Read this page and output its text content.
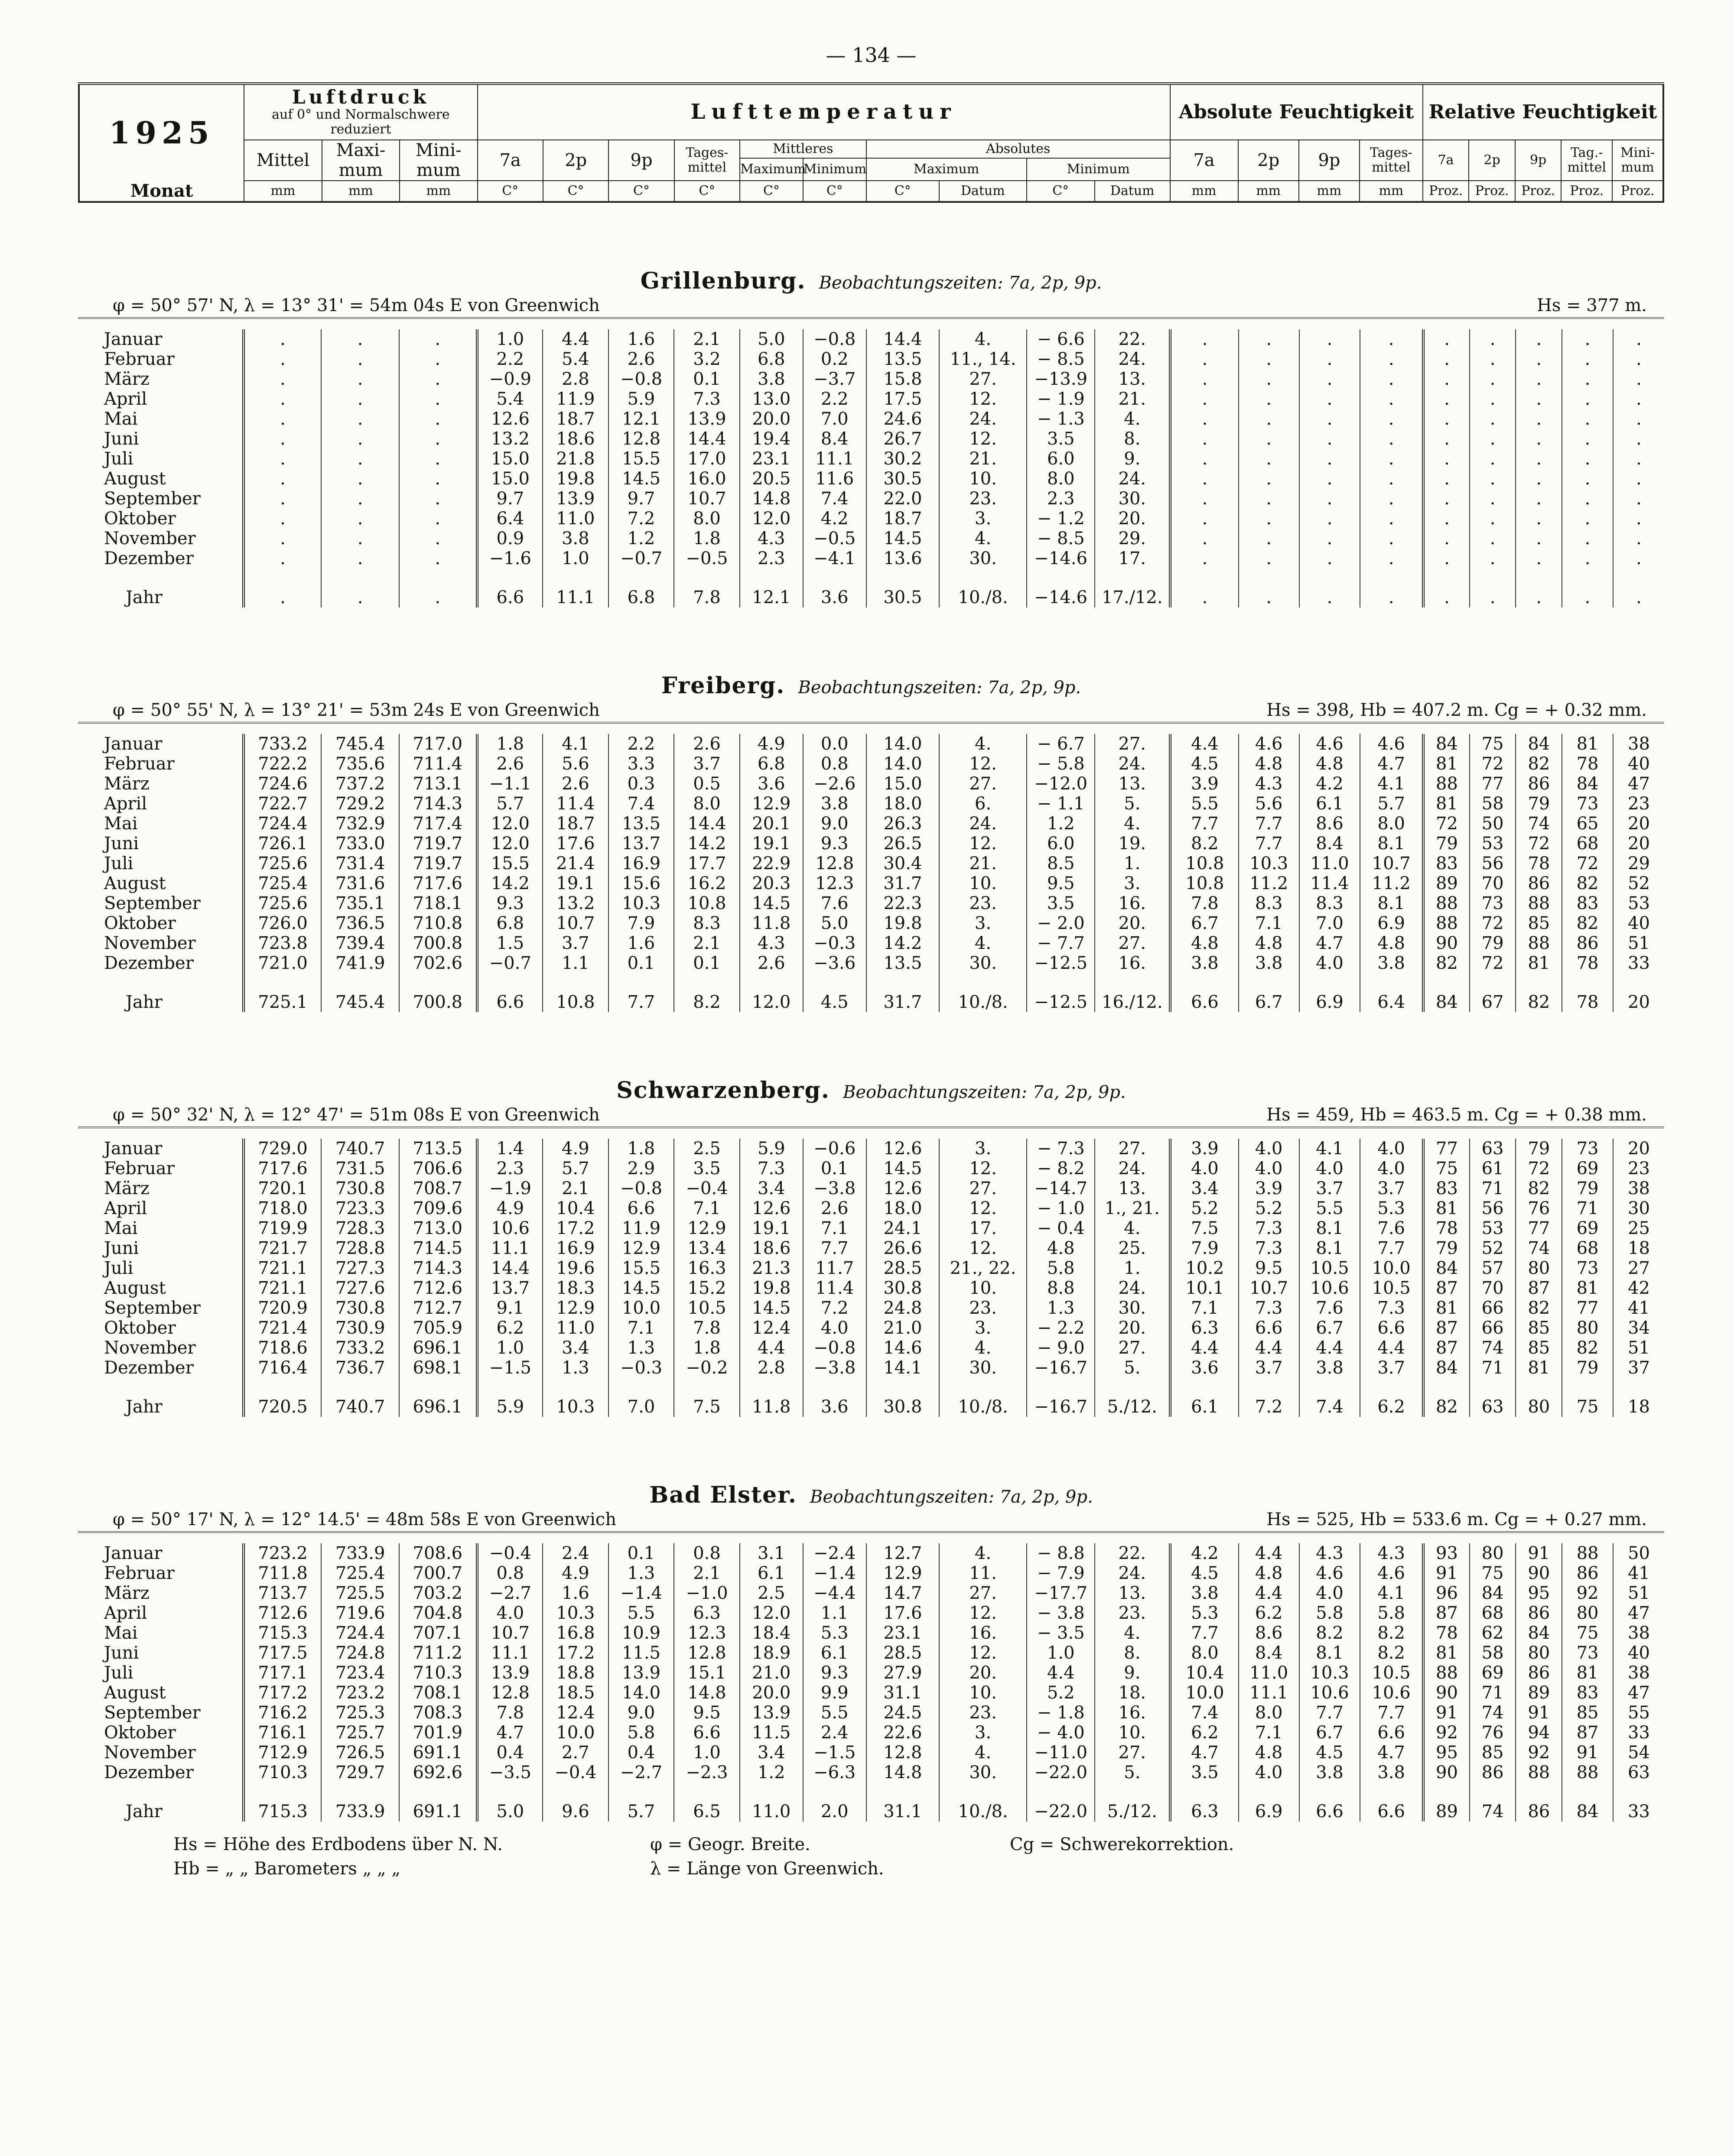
— 134 —
1925	Luftdruck
auf 0° und Normalschwere reduziert			Lufttemperatur										Absolute Feuchtigkeit				Relative Feuchtigkeit				
	Mittel	Maxi-mum	Mini-mum	7a	2p	9p	Tages-mittel	Mittleres		Absolutes				7a	2p	9p	Tages-mittel	7a	2p	9p	Tag.-mittel	Mini-mum
								Maximum	Minimum	Maximum		Minimum										
Monat	mm	mm	mm	C°	C°	C°	C°	C°	C°	C°	Datum	C°	Datum	mm	mm	mm	mm	Proz.	Proz.	Proz.	Proz.	Proz.
Grillenburg. Beobachtungszeiten: 7a, 2p, 9p.
φ = 50° 57' N, λ = 13° 31' = 54m 04s E von Greenwich	Hs = 377 m.

Januar	.	.	.	1.0	4.4	1.6	2.1	5.0	−0.8	14.4	4.	− 6.6	22.	.	.	.	.	.	.	.	.	.
Februar	.	.	.	2.2	5.4	2.6	3.2	6.8	0.2	13.5	11., 14.	− 8.5	24.	.	.	.	.	.	.	.	.	.
März	.	.	.	−0.9	2.8	−0.8	0.1	3.8	−3.7	15.8	27.	−13.9	13.	.	.	.	.	.	.	.	.	.
April	.	.	.	5.4	11.9	5.9	7.3	13.0	2.2	17.5	12.	− 1.9	21.	.	.	.	.	.	.	.	.	.
Mai	.	.	.	12.6	18.7	12.1	13.9	20.0	7.0	24.6	24.	− 1.3	4.	.	.	.	.	.	.	.	.	.
Juni	.	.	.	13.2	18.6	12.8	14.4	19.4	8.4	26.7	12.	3.5	8.	.	.	.	.	.	.	.	.	.
Juli	.	.	.	15.0	21.8	15.5	17.0	23.1	11.1	30.2	21.	6.0	9.	.	.	.	.	.	.	.	.	.
August	.	.	.	15.0	19.8	14.5	16.0	20.5	11.6	30.5	10.	8.0	24.	.	.	.	.	.	.	.	.	.
September	.	.	.	9.7	13.9	9.7	10.7	14.8	7.4	22.0	23.	2.3	30.	.	.	.	.	.	.	.	.	.
Oktober	.	.	.	6.4	11.0	7.2	8.0	12.0	4.2	18.7	3.	− 1.2	20.	.	.	.	.	.	.	.	.	.
November	.	.	.	0.9	3.8	1.2	1.8	4.3	−0.5	14.5	4.	− 8.5	29.	.	.	.	.	.	.	.	.	.
Dezember	.	.	.	−1.6	1.0	−0.7	−0.5	2.3	−4.1	13.6	30.	−14.6	17.	.	.	.	.	.	.	.	.	.
Jahr	.	.	.	6.6	11.1	6.8	7.8	12.1	3.6	30.5	10./8.	−14.6	17./12.	.	.	.	.	.	.	.	.	.
Freiberg. Beobachtungszeiten: 7a, 2p, 9p.
φ = 50° 55' N, λ = 13° 21' = 53m 24s E von Greenwich	Hs = 398, Hb = 407.2 m. Cg = + 0.32 mm.

Januar	733.2	745.4	717.0	1.8	4.1	2.2	2.6	4.9	0.0	14.0	4.	− 6.7	27.	4.4	4.6	4.6	4.6	84	75	84	81	38
Februar	722.2	735.6	711.4	2.6	5.6	3.3	3.7	6.8	0.8	14.0	12.	− 5.8	24.	4.5	4.8	4.8	4.7	81	72	82	78	40
März	724.6	737.2	713.1	−1.1	2.6	0.3	0.5	3.6	−2.6	15.0	27.	−12.0	13.	3.9	4.3	4.2	4.1	88	77	86	84	47
April	722.7	729.2	714.3	5.7	11.4	7.4	8.0	12.9	3.8	18.0	6.	− 1.1	5.	5.5	5.6	6.1	5.7	81	58	79	73	23
Mai	724.4	732.9	717.4	12.0	18.7	13.5	14.4	20.1	9.0	26.3	24.	1.2	4.	7.7	7.7	8.6	8.0	72	50	74	65	20
Juni	726.1	733.0	719.7	12.0	17.6	13.7	14.2	19.1	9.3	26.5	12.	6.0	19.	8.2	7.7	8.4	8.1	79	53	72	68	20
Juli	725.6	731.4	719.7	15.5	21.4	16.9	17.7	22.9	12.8	30.4	21.	8.5	1.	10.8	10.3	11.0	10.7	83	56	78	72	29
August	725.4	731.6	717.6	14.2	19.1	15.6	16.2	20.3	12.3	31.7	10.	9.5	3.	10.8	11.2	11.4	11.2	89	70	86	82	52
September	725.6	735.1	718.1	9.3	13.2	10.3	10.8	14.5	7.6	22.3	23.	3.5	16.	7.8	8.3	8.3	8.1	88	73	88	83	53
Oktober	726.0	736.5	710.8	6.8	10.7	7.9	8.3	11.8	5.0	19.8	3.	− 2.0	20.	6.7	7.1	7.0	6.9	88	72	85	82	40
November	723.8	739.4	700.8	1.5	3.7	1.6	2.1	4.3	−0.3	14.2	4.	− 7.7	27.	4.8	4.8	4.7	4.8	90	79	88	86	51
Dezember	721.0	741.9	702.6	−0.7	1.1	0.1	0.1	2.6	−3.6	13.5	30.	−12.5	16.	3.8	3.8	4.0	3.8	82	72	81	78	33
Jahr	725.1	745.4	700.8	6.6	10.8	7.7	8.2	12.0	4.5	31.7	10./8.	−12.5	16./12.	6.6	6.7	6.9	6.4	84	67	82	78	20
Schwarzenberg. Beobachtungszeiten: 7a, 2p, 9p.
φ = 50° 32' N, λ = 12° 47' = 51m 08s E von Greenwich	Hs = 459, Hb = 463.5 m. Cg = + 0.38 mm.

Januar	729.0	740.7	713.5	1.4	4.9	1.8	2.5	5.9	−0.6	12.6	3.	− 7.3	27.	3.9	4.0	4.1	4.0	77	63	79	73	20
Februar	717.6	731.5	706.6	2.3	5.7	2.9	3.5	7.3	0.1	14.5	12.	− 8.2	24.	4.0	4.0	4.0	4.0	75	61	72	69	23
März	720.1	730.8	708.7	−1.9	2.1	−0.8	−0.4	3.4	−3.8	12.6	27.	−14.7	13.	3.4	3.9	3.7	3.7	83	71	82	79	38
April	718.0	723.3	709.6	4.9	10.4	6.6	7.1	12.6	2.6	18.0	12.	− 1.0	1., 21.	5.2	5.2	5.5	5.3	81	56	76	71	30
Mai	719.9	728.3	713.0	10.6	17.2	11.9	12.9	19.1	7.1	24.1	17.	− 0.4	4.	7.5	7.3	8.1	7.6	78	53	77	69	25
Juni	721.7	728.8	714.5	11.1	16.9	12.9	13.4	18.6	7.7	26.6	12.	4.8	25.	7.9	7.3	8.1	7.7	79	52	74	68	18
Juli	721.1	727.3	714.3	14.4	19.6	15.5	16.3	21.3	11.7	28.5	21., 22.	5.8	1.	10.2	9.5	10.5	10.0	84	57	80	73	27
August	721.1	727.6	712.6	13.7	18.3	14.5	15.2	19.8	11.4	30.8	10.	8.8	24.	10.1	10.7	10.6	10.5	87	70	87	81	42
September	720.9	730.8	712.7	9.1	12.9	10.0	10.5	14.5	7.2	24.8	23.	1.3	30.	7.1	7.3	7.6	7.3	81	66	82	77	41
Oktober	721.4	730.9	705.9	6.2	11.0	7.1	7.8	12.4	4.0	21.0	3.	− 2.2	20.	6.3	6.6	6.7	6.6	87	66	85	80	34
November	718.6	733.2	696.1	1.0	3.4	1.3	1.8	4.4	−0.8	14.6	4.	− 9.0	27.	4.4	4.4	4.4	4.4	87	74	85	82	51
Dezember	716.4	736.7	698.1	−1.5	1.3	−0.3	−0.2	2.8	−3.8	14.1	30.	−16.7	5.	3.6	3.7	3.8	3.7	84	71	81	79	37
Jahr	720.5	740.7	696.1	5.9	10.3	7.0	7.5	11.8	3.6	30.8	10./8.	−16.7	5./12.	6.1	7.2	7.4	6.2	82	63	80	75	18
Bad Elster. Beobachtungszeiten: 7a, 2p, 9p.
φ = 50° 17' N, λ = 12° 14.5' = 48m 58s E von Greenwich	Hs = 525, Hb = 533.6 m. Cg = + 0.27 mm.

Januar	723.2	733.9	708.6	−0.4	2.4	0.1	0.8	3.1	−2.4	12.7	4.	− 8.8	22.	4.2	4.4	4.3	4.3	93	80	91	88	50
Februar	711.8	725.4	700.7	0.8	4.9	1.3	2.1	6.1	−1.4	12.9	11.	− 7.9	24.	4.5	4.8	4.6	4.6	91	75	90	86	41
März	713.7	725.5	703.2	−2.7	1.6	−1.4	−1.0	2.5	−4.4	14.7	27.	−17.7	13.	3.8	4.4	4.0	4.1	96	84	95	92	51
April	712.6	719.6	704.8	4.0	10.3	5.5	6.3	12.0	1.1	17.6	12.	− 3.8	23.	5.3	6.2	5.8	5.8	87	68	86	80	47
Mai	715.3	724.4	707.1	10.7	16.8	10.9	12.3	18.4	5.3	23.1	16.	− 3.5	4.	7.7	8.6	8.2	8.2	78	62	84	75	38
Juni	717.5	724.8	711.2	11.1	17.2	11.5	12.8	18.9	6.1	28.5	12.	1.0	8.	8.0	8.4	8.1	8.2	81	58	80	73	40
Juli	717.1	723.4	710.3	13.9	18.8	13.9	15.1	21.0	9.3	27.9	20.	4.4	9.	10.4	11.0	10.3	10.5	88	69	86	81	38
August	717.2	723.2	708.1	12.8	18.5	14.0	14.8	20.0	9.9	31.1	10.	5.2	18.	10.0	11.1	10.6	10.6	90	71	89	83	47
September	716.2	725.3	708.3	7.8	12.4	9.0	9.5	13.9	5.5	24.5	23.	− 1.8	16.	7.4	8.0	7.7	7.7	91	74	91	85	55
Oktober	716.1	725.7	701.9	4.7	10.0	5.8	6.6	11.5	2.4	22.6	3.	− 4.0	10.	6.2	7.1	6.7	6.6	92	76	94	87	33
November	712.9	726.5	691.1	0.4	2.7	0.4	1.0	3.4	−1.5	12.8	4.	−11.0	27.	4.7	4.8	4.5	4.7	95	85	92	91	54
Dezember	710.3	729.7	692.6	−3.5	−0.4	−2.7	−2.3	1.2	−6.3	14.8	30.	−22.0	5.	3.5	4.0	3.8	3.8	90	86	88	88	63
Jahr	715.3	733.9	691.1	5.0	9.6	5.7	6.5	11.0	2.0	31.1	10./8.	−22.0	5./12.	6.3	6.9	6.6	6.6	89	74	86	84	33
Hs = Höhe des Erdbodens über N. N.
Hb = „ „ Barometers „ „ „
φ = Geogr. Breite.
λ = Länge von Greenwich.
Cg = Schwerekorrektion.
